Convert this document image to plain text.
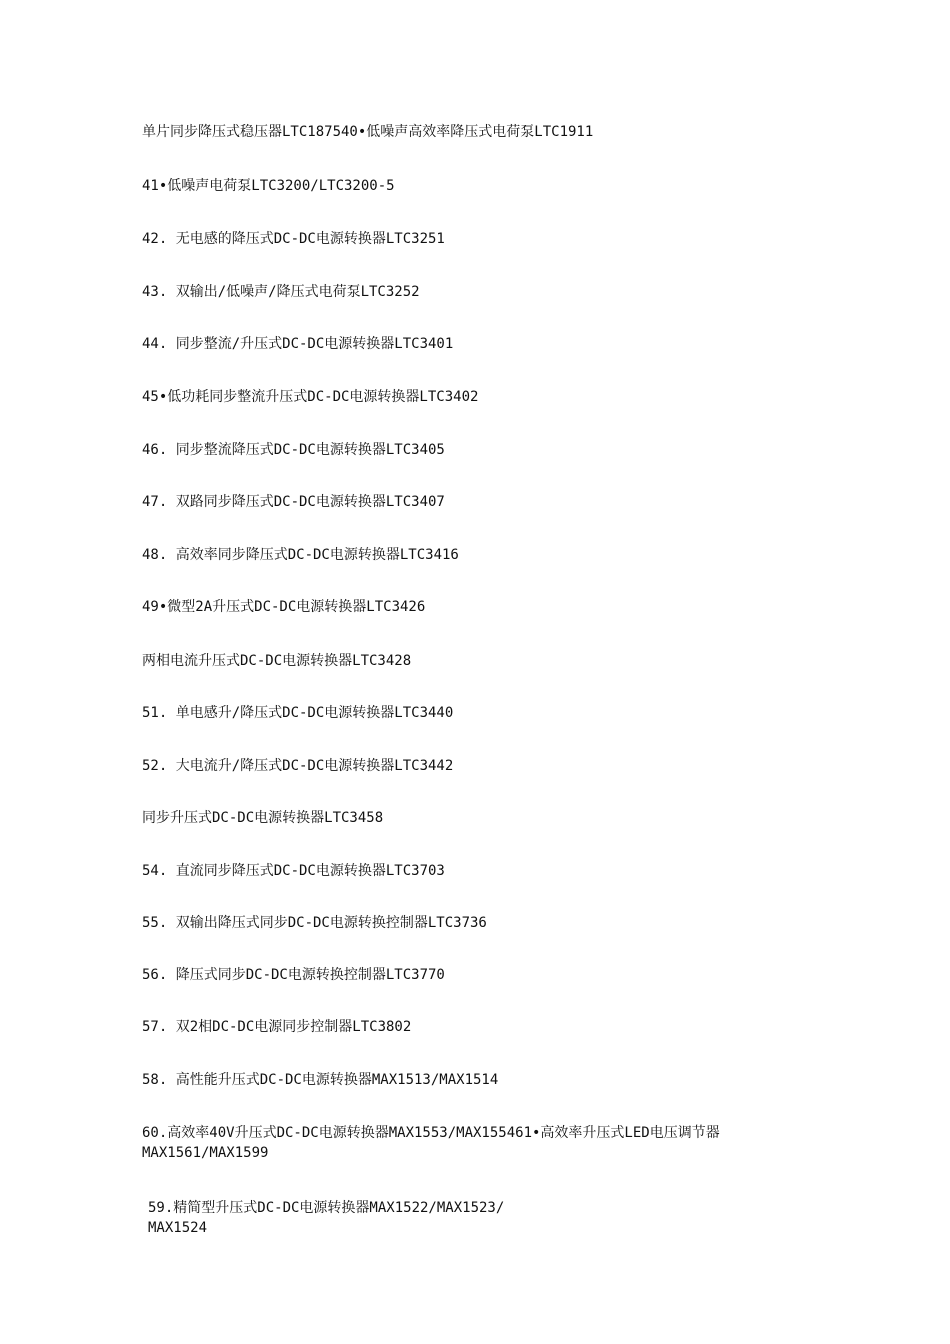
单片同步降压式稳压器LTC187540•低噪声高效率降压式电荷泵LTC1911
41•低噪声电荷泵LTC3200/LTC3200-5
42. 无电感的降压式DC-DC电源转换器LTC3251
43. 双输出/低噪声/降压式电荷泵LTC3252
44. 同步整流/升压式DC-DC电源转换器LTC3401
45•低功耗同步整流升压式DC-DC电源转换器LTC3402
46. 同步整流降压式DC-DC电源转换器LTC3405
47. 双路同步降压式DC-DC电源转换器LTC3407
48. 高效率同步降压式DC-DC电源转换器LTC3416
49•微型2A升压式DC-DC电源转换器LTC3426
两相电流升压式DC-DC电源转换器LTC3428
51. 单电感升/降压式DC-DC电源转换器LTC3440
52. 大电流升/降压式DC-DC电源转换器LTC3442
同步升压式DC-DC电源转换器LTC3458
54. 直流同步降压式DC-DC电源转换器LTC3703
55. 双输出降压式同步DC-DC电源转换控制器LTC3736
56. 降压式同步DC-DC电源转换控制器LTC3770
57. 双2相DC-DC电源同步控制器LTC3802
58. 高性能升压式DC-DC电源转换器MAX1513/MAX1514
60.高效率40V升压式DC-DC电源转换器MAX1553/MAX155461•高效率升压式LED电压调节器MAX1561/MAX1599
59.精简型升压式DC-DC电源转换器MAX1522/MAX1523/
MAX1524
